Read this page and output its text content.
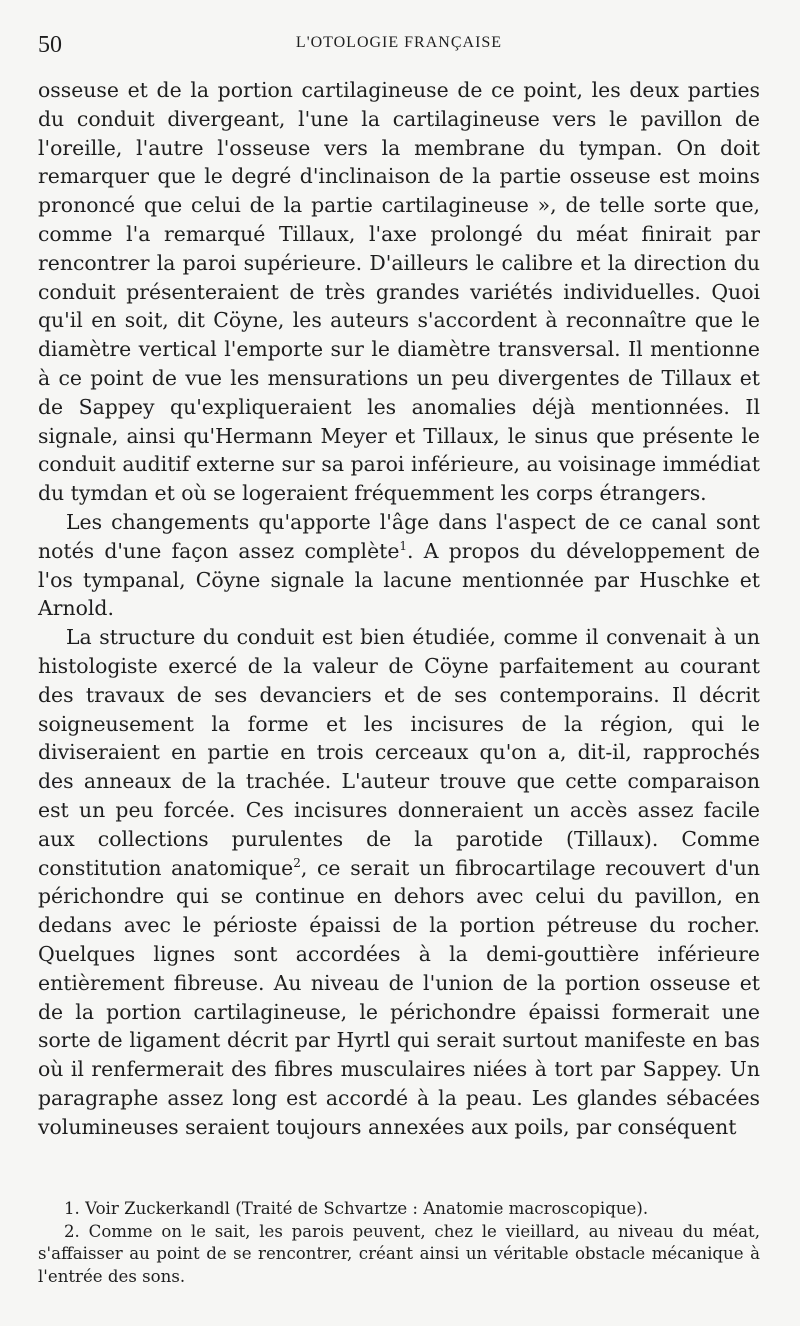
50	L'OTOLOGIE FRANÇAISE

osseuse et de la portion cartilagineuse de ce point, les deux parties du conduit divergeant, l'une la cartilagineuse vers le pavillon de l'oreille, l'autre l'osseuse vers la membrane du tympan. On doit remarquer que le degré d'inclinaison de la partie osseuse est moins prononcé que celui de la partie cartilagineuse », de telle sorte que, comme l'a remarqué Tillaux, l'axe prolongé du méat finirait par rencontrer la paroi supérieure. D'ailleurs le calibre et la direction du conduit présenteraient de très grandes variétés individuelles. Quoi qu'il en soit, dit Cöyne, les auteurs s'accordent à reconnaître que le diamètre vertical l'emporte sur le diamètre transversal. Il mentionne à ce point de vue les mensurations un peu divergentes de Tillaux et de Sappey qu'expliqueraient les anomalies déjà mentionnées. Il signale, ainsi qu'Hermann Meyer et Tillaux, le sinus que présente le conduit auditif externe sur sa paroi inférieure, au voisinage immédiat du tymdan et où se logeraient fréquemment les corps étrangers.

Les changements qu'apporte l'âge dans l'aspect de ce canal sont notés d'une façon assez complète$^1$. A propos du développement de l'os tympanal, Cöyne signale la lacune mentionnée par Huschke et Arnold.

La structure du conduit est bien étudiée, comme il convenait à un histologiste exercé de la valeur de Cöyne parfaitement au courant des travaux de ses devanciers et de ses contemporains. Il décrit soigneusement la forme et les incisures de la région, qui le diviseraient en partie en trois cerceaux qu'on a, dit-il, rapprochés des anneaux de la trachée. L'auteur trouve que cette comparaison est un peu forcée. Ces incisures donneraient un accès assez facile aux collections purulentes de la parotide (Tillaux). Comme constitution anatomique$^2$, ce serait un fibrocartilage recouvert d'un périchondre qui se continue en dehors avec celui du pavillon, en dedans avec le périoste épaissi de la portion pétreuse du rocher. Quelques lignes sont accordées à la demi-gouttière inférieure entièrement fibreuse. Au niveau de l'union de la portion osseuse et de la portion cartilagineuse, le périchondre épaissi formerait une sorte de ligament décrit par Hyrtl qui serait surtout manifeste en bas où il renfermerait des fibres musculaires niées à tort par Sappey. Un paragraphe assez long est accordé à la peau. Les glandes sébacées volumineuses seraient toujours annexées aux poils, par conséquent

1. Voir Zuckerkandl (Traité de Schvartze : Anatomie macroscopique).

2. Comme on le sait, les parois peuvent, chez le vieillard, au niveau du méat, s'affaisser au point de se rencontrer, créant ainsi un véritable obstacle mécanique à l'entrée des sons.
